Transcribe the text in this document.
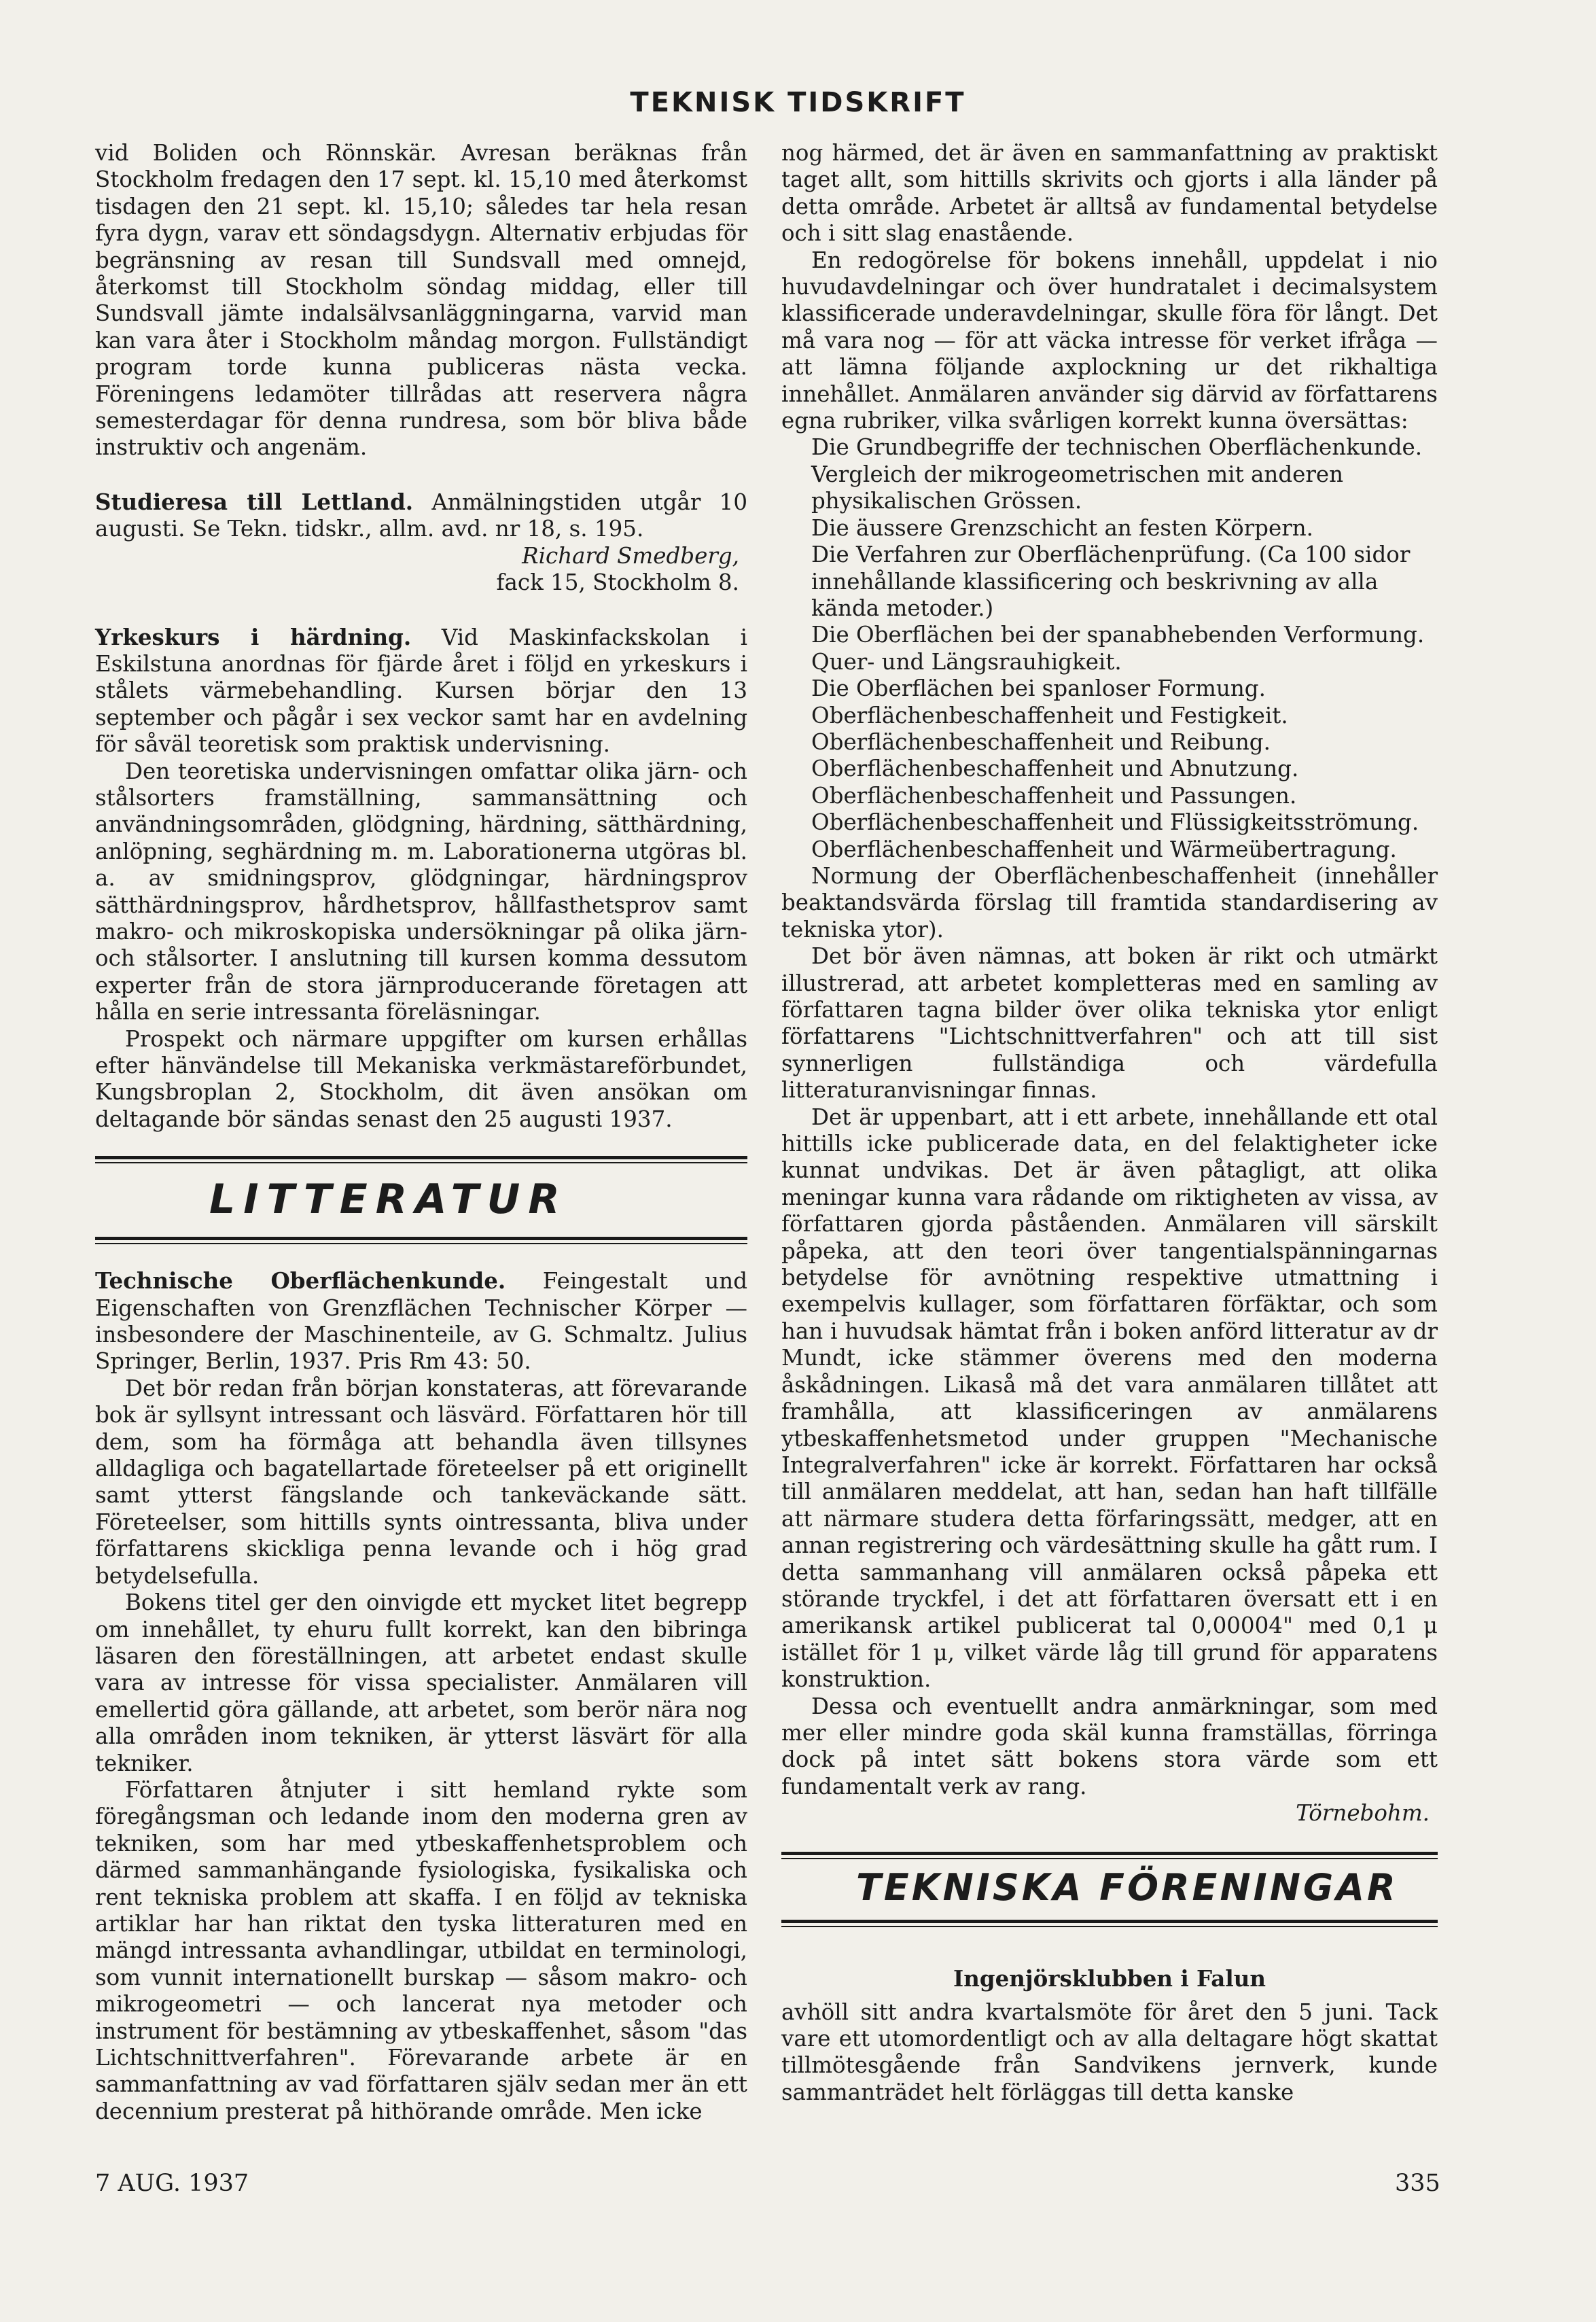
TEKNISK TIDSKRIFT

vid Boliden och Rönnskär. Avresan beräknas från Stockholm fredagen den 17 sept. kl. 15,10 med återkomst tisdagen den 21 sept. kl. 15,10; således tar hela resan fyra dygn, varav ett söndagsdygn. Alternativ erbjudas för begränsning av resan till Sundsvall med omnejd, återkomst till Stockholm söndag middag, eller till Sundsvall jämte indalsälvsanläggningarna, varvid man kan vara åter i Stockholm måndag morgon. Fullständigt program torde kunna publiceras nästa vecka. Föreningens ledamöter tillrådas att reservera några semesterdagar för denna rundresa, som bör bliva både instruktiv och angenäm.

Studieresa till Lettland. Anmälningstiden utgår 10 augusti. Se Tekn. tidskr., allm. avd. nr 18, s. 195.

Richard Smedberg,

fack 15, Stockholm 8.

Yrkeskurs i härdning. Vid Maskinfackskolan i Eskilstuna anordnas för fjärde året i följd en yrkeskurs i stålets värmebehandling. Kursen börjar den 13 september och pågår i sex veckor samt har en avdelning för såväl teoretisk som praktisk undervisning.

Den teoretiska undervisningen omfattar olika järn- och stålsorters framställning, sammansättning och användningsområden, glödgning, härdning, sätthärdning, anlöpning, seghärdning m. m. Laborationerna utgöras bl. a. av smidningsprov, glödgningar, härdningsprov sätthärdningsprov, hårdhetsprov, hållfasthetsprov samt makro- och mikroskopiska undersökningar på olika järn- och stålsorter. I anslutning till kursen komma dessutom experter från de stora järnproducerande företagen att hålla en serie intressanta föreläsningar.

Prospekt och närmare uppgifter om kursen erhållas efter hänvändelse till Mekaniska verkmästareförbundet, Kungsbroplan 2, Stockholm, dit även ansökan om deltagande bör sändas senast den 25 augusti 1937.

LITTERATUR

Technische Oberflächenkunde. Feingestalt und Eigenschaften von Grenzflächen Technischer Körper — insbesondere der Maschinenteile, av G. Schmaltz. Julius Springer, Berlin, 1937. Pris Rm 43: 50.

Det bör redan från början konstateras, att förevarande bok är syllsynt intressant och läsvärd. Författaren hör till dem, som ha förmåga att behandla även tillsynes alldagliga och bagatellartade företeelser på ett originellt samt ytterst fängslande och tankeväckande sätt. Företeelser, som hittills synts ointressanta, bliva under författarens skickliga penna levande och i hög grad betydelsefulla.

Bokens titel ger den oinvigde ett mycket litet begrepp om innehållet, ty ehuru fullt korrekt, kan den bibringa läsaren den föreställningen, att arbetet endast skulle vara av intresse för vissa specialister. Anmälaren vill emellertid göra gällande, att arbetet, som berör nära nog alla områden inom tekniken, är ytterst läsvärt för alla tekniker.

Författaren åtnjuter i sitt hemland rykte som föregångsman och ledande inom den moderna gren av tekniken, som har med ytbeskaffenhetsproblem och därmed sammanhängande fysiologiska, fysikaliska och rent tekniska problem att skaffa. I en följd av tekniska artiklar har han riktat den tyska litteraturen med en mängd intressanta avhandlingar, utbildat en terminologi, som vunnit internationellt burskap — såsom makro- och mikrogeometri — och lancerat nya metoder och instrument för bestämning av ytbeskaffenhet, såsom "das Lichtschnittverfahren". Förevarande arbete är en sammanfattning av vad författaren själv sedan mer än ett decennium presterat på hithörande område. Men icke

nog härmed, det är även en sammanfattning av praktiskt taget allt, som hittills skrivits och gjorts i alla länder på detta område. Arbetet är alltså av fundamental betydelse och i sitt slag enastående.

En redogörelse för bokens innehåll, uppdelat i nio huvudavdelningar och över hundratalet i decimalsystem klassificerade underavdelningar, skulle föra för långt. Det må vara nog — för att väcka intresse för verket ifråga — att lämna följande axplockning ur det rikhaltiga innehållet. Anmälaren använder sig därvid av författarens egna rubriker, vilka svårligen korrekt kunna översättas:

Die Grundbegriffe der technischen Oberflächenkunde.

Vergleich der mikrogeometrischen mit anderen physikalischen Grössen.

Die äussere Grenzschicht an festen Körpern.

Die Verfahren zur Oberflächenprüfung. (Ca 100 sidor innehållande klassificering och beskrivning av alla kända metoder.)

Die Oberflächen bei der spanabhebenden Verformung.

Quer- und Längsrauhigkeit.

Die Oberflächen bei spanloser Formung.

Oberflächenbeschaffenheit und Festigkeit.

Oberflächenbeschaffenheit und Reibung.

Oberflächenbeschaffenheit und Abnutzung.

Oberflächenbeschaffenheit und Passungen.

Oberflächenbeschaffenheit und Flüssigkeitsströmung.

Oberflächenbeschaffenheit und Wärmeübertragung.

Normung der Oberflächenbeschaffenheit (innehåller beaktandsvärda förslag till framtida standardisering av tekniska ytor).

Det bör även nämnas, att boken är rikt och utmärkt illustrerad, att arbetet kompletteras med en samling av författaren tagna bilder över olika tekniska ytor enligt författarens "Lichtschnittverfahren" och att till sist synnerligen fullständiga och värdefulla litteraturanvisningar finnas.

Det är uppenbart, att i ett arbete, innehållande ett otal hittills icke publicerade data, en del felaktigheter icke kunnat undvikas. Det är även påtagligt, att olika meningar kunna vara rådande om riktigheten av vissa, av författaren gjorda påståenden. Anmälaren vill särskilt påpeka, att den teori över tangentialspänningarnas betydelse för avnötning respektive utmattning i exempelvis kullager, som författaren förfäktar, och som han i huvudsak hämtat från i boken anförd litteratur av dr Mundt, icke stämmer överens med den moderna åskådningen. Likaså må det vara anmälaren tillåtet att framhålla, att klassificeringen av anmälarens ytbeskaffenhetsmetod under gruppen "Mechanische Integralverfahren" icke är korrekt. Författaren har också till anmälaren meddelat, att han, sedan han haft tillfälle att närmare studera detta förfaringssätt, medger, att en annan registrering och värdesättning skulle ha gått rum. I detta sammanhang vill anmälaren också påpeka ett störande tryckfel, i det att författaren översatt ett i en amerikansk artikel publicerat tal 0,00004" med 0,1 μ istället för 1 μ, vilket värde låg till grund för apparatens konstruktion.

Dessa och eventuellt andra anmärkningar, som med mer eller mindre goda skäl kunna framställas, förringa dock på intet sätt bokens stora värde som ett fundamentalt verk av rang.

Törnebohm.

TEKNISKA FÖRENINGAR
Ingenjörsklubben i Falun

avhöll sitt andra kvartalsmöte för året den 5 juni. Tack vare ett utomordentligt och av alla deltagare högt skattat tillmötesgående från Sandvikens jernverk, kunde sammanträdet helt förläggas till detta kanske

7 AUG. 1937	335
